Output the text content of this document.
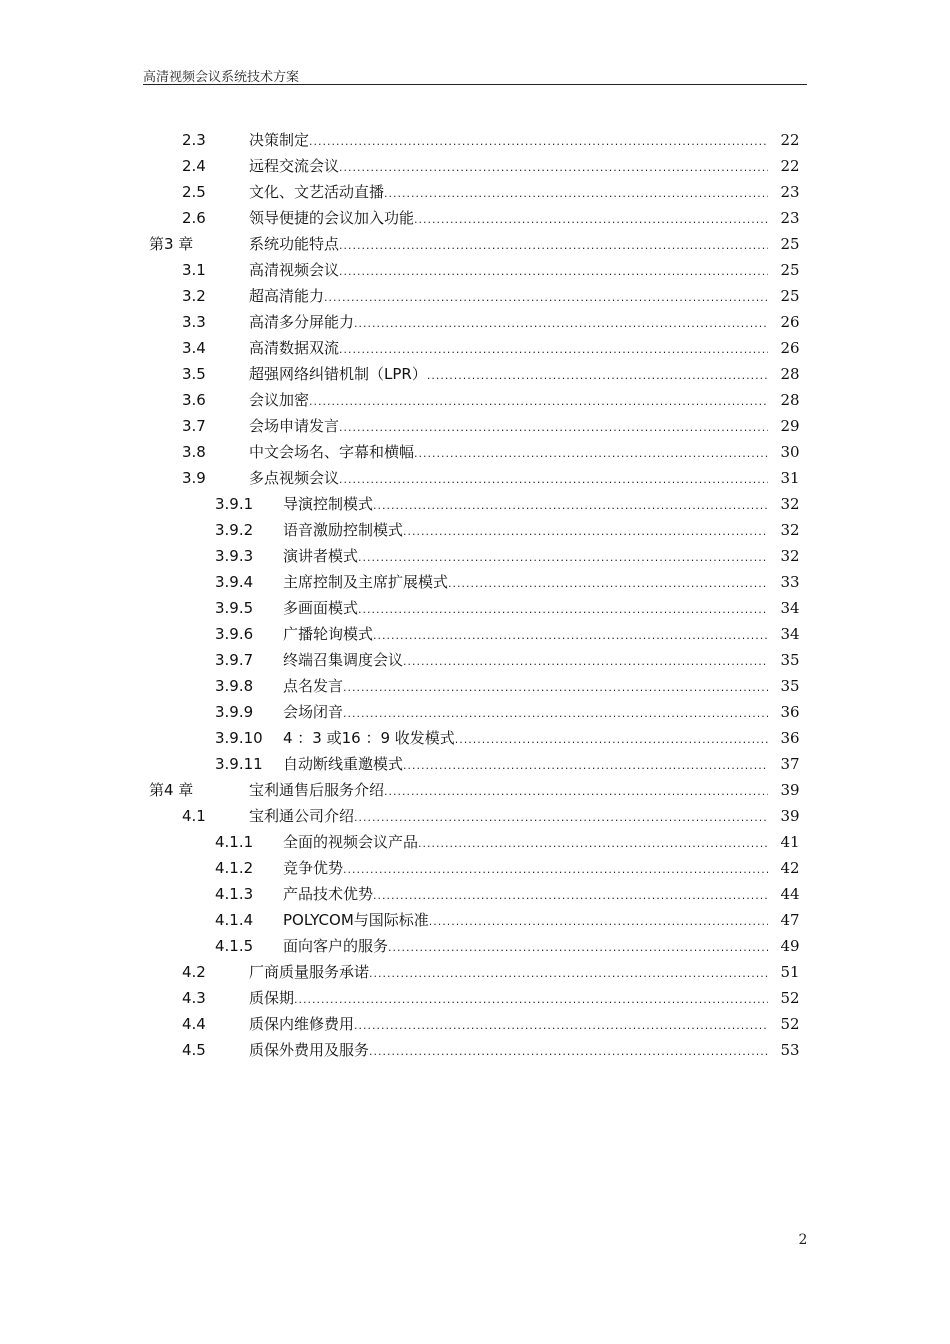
高清视频会议系统技术方案
2.3	决策制定 .....	22
2.4	远程交流会议 .....	22
2.5	文化、文艺活动直播 .....	23
2.6	领导便捷的会议加入功能 .....	23
第3 章	系统功能特点 .....	25
3.1	高清视频会议 .....	25
3.2	超高清能力 .....	25
3.3	高清多分屏能力 .....	26
3.4	高清数据双流 .....	26
3.5	超强网络纠错机制（LPR） .....	28
3.6	会议加密 .....	28
3.7	会场申请发言 .....	29
3.8	中文会场名、字幕和横幅 .....	30
3.9	多点视频会议 .....	31
3.9.1 导演控制模式 .....	32
3.9.2 语音激励控制模式 .....	32
3.9.3 演讲者模式 .....	32
3.9.4 主席控制及主席扩展模式 .....	33
3.9.5 多画面模式 .....	34
3.9.6 广播轮询模式 .....	34
3.9.7 终端召集调度会议 .....	35
3.9.8 点名发言 .....	35
3.9.9 会场闭音 .....	36
3.9.10 4 ：3 或16 ：9 收发模式 .....	36
3.9.11 自动断线重邀模式 .....	37
第4 章	宝利通售后服务介绍 .....	39
4.1	宝利通公司介绍 .....	39
4.1.1 全面的视频会议产品 .....	41
4.1.2 竞争优势 .....	42
4.1.3 产品技术优势 .....	44
4.1.4 POLYCOM与国际标准 .....	47
4.1.5 面向客户的服务 .....	49
4.2	厂商质量服务承诺 .....	51
4.3	质保期 .....	52
4.4	质保内维修费用 .....	52
4.5	质保外费用及服务 .....	53
2
